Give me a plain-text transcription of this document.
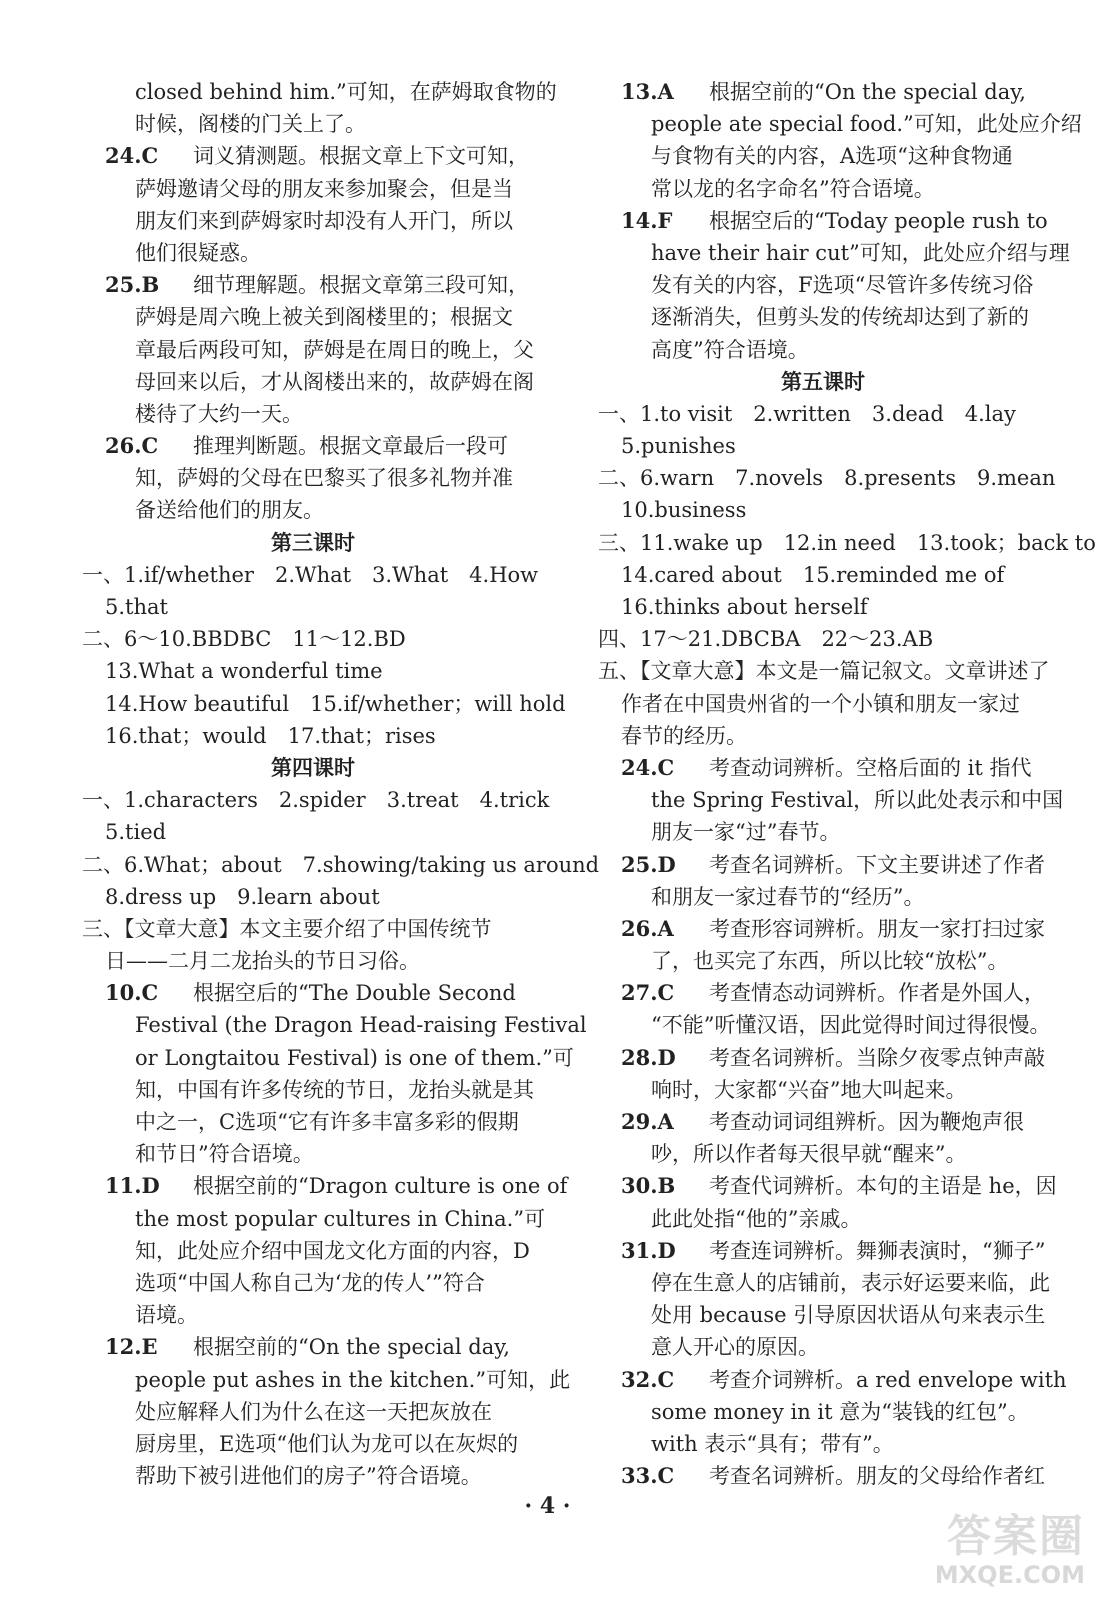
closed behind him.”可知，在萨姆取食物的
时候，阁楼的门关上了。
24.C	词义猜测题。根据文章上下文可知，
萨姆邀请父母的朋友来参加聚会，但是当
朋友们来到萨姆家时却没有人开门，所以
他们很疑惑。
25.B	细节理解题。根据文章第三段可知，
萨姆是周六晚上被关到阁楼里的；根据文
章最后两段可知，萨姆是在周日的晚上，父
母回来以后，才从阁楼出来的，故萨姆在阁
楼待了大约一天。
26.C	推理判断题。根据文章最后一段可
知，萨姆的父母在巴黎买了很多礼物并准
备送给他们的朋友。
第三课时
一、1.if/whether　2.What　3.What　4.How
5.that
二、6～10.BBDBC　11～12.BD
13.What a wonderful time
14.How beautiful　15.if/whether；will hold
16.that；would　17.that；rises
第四课时
一、1.characters　2.spider　3.treat　4.trick
5.tied
二、6.What；about　7.showing/taking us around
8.dress up　9.learn about
三、【文章大意】本文主要介绍了中国传统节
日——二月二龙抬头的节日习俗。
10.C	根据空后的“The Double Second
Festival (the Dragon Head-raising Festival
or Longtaitou Festival) is one of them.”可
知，中国有许多传统的节日，龙抬头就是其
中之一，C选项“它有许多丰富多彩的假期
和节日”符合语境。
11.D	根据空前的“Dragon culture is one of
the most popular cultures in China.”可
知，此处应介绍中国龙文化方面的内容，D
选项“中国人称自己为‘龙的传人’”符合
语境。
12.E	根据空前的“On the special day,
people put ashes in the kitchen.”可知，此
处应解释人们为什么在这一天把灰放在
厨房里，E选项“他们认为龙可以在灰烬的
帮助下被引进他们的房子”符合语境。
13.A	根据空前的“On the special day,
people ate special food.”可知，此处应介绍
与食物有关的内容，A选项“这种食物通
常以龙的名字命名”符合语境。
14.F	根据空后的“Today people rush to
have their hair cut”可知，此处应介绍与理
发有关的内容，F选项“尽管许多传统习俗
逐渐消失，但剪头发的传统却达到了新的
高度”符合语境。
第五课时
一、1.to visit　2.written　3.dead　4.lay
5.punishes
二、6.warn　7.novels　8.presents　9.mean
10.business
三、11.wake up　12.in need　13.took；back to
14.cared about　15.reminded me of
16.thinks about herself
四、17～21.DBCBA　22～23.AB
五、【文章大意】本文是一篇记叙文。文章讲述了
作者在中国贵州省的一个小镇和朋友一家过
春节的经历。
24.C	考查动词辨析。空格后面的 it 指代
the Spring Festival，所以此处表示和中国
朋友一家“过”春节。
25.D	考查名词辨析。下文主要讲述了作者
和朋友一家过春节的“经历”。
26.A	考查形容词辨析。朋友一家打扫过家
了，也买完了东西，所以比较“放松”。
27.C	考查情态动词辨析。作者是外国人，
“不能”听懂汉语，因此觉得时间过得很慢。
28.D	考查名词辨析。当除夕夜零点钟声敲
响时，大家都“兴奋”地大叫起来。
29.A	考查动词词组辨析。因为鞭炮声很
吵，所以作者每天很早就“醒来”。
30.B	考查代词辨析。本句的主语是 he，因
此此处指“他的”亲戚。
31.D	考查连词辨析。舞狮表演时，“狮子”
停在生意人的店铺前，表示好运要来临，此
处用 because 引导原因状语从句来表示生
意人开心的原因。
32.C	考查介词辨析。a red envelope with
some money in it 意为“装钱的红包”。
with 表示“具有；带有”。
33.C	考查名词辨析。朋友的父母给作者红
· 4 ·
答案圈
MXQE.COM
